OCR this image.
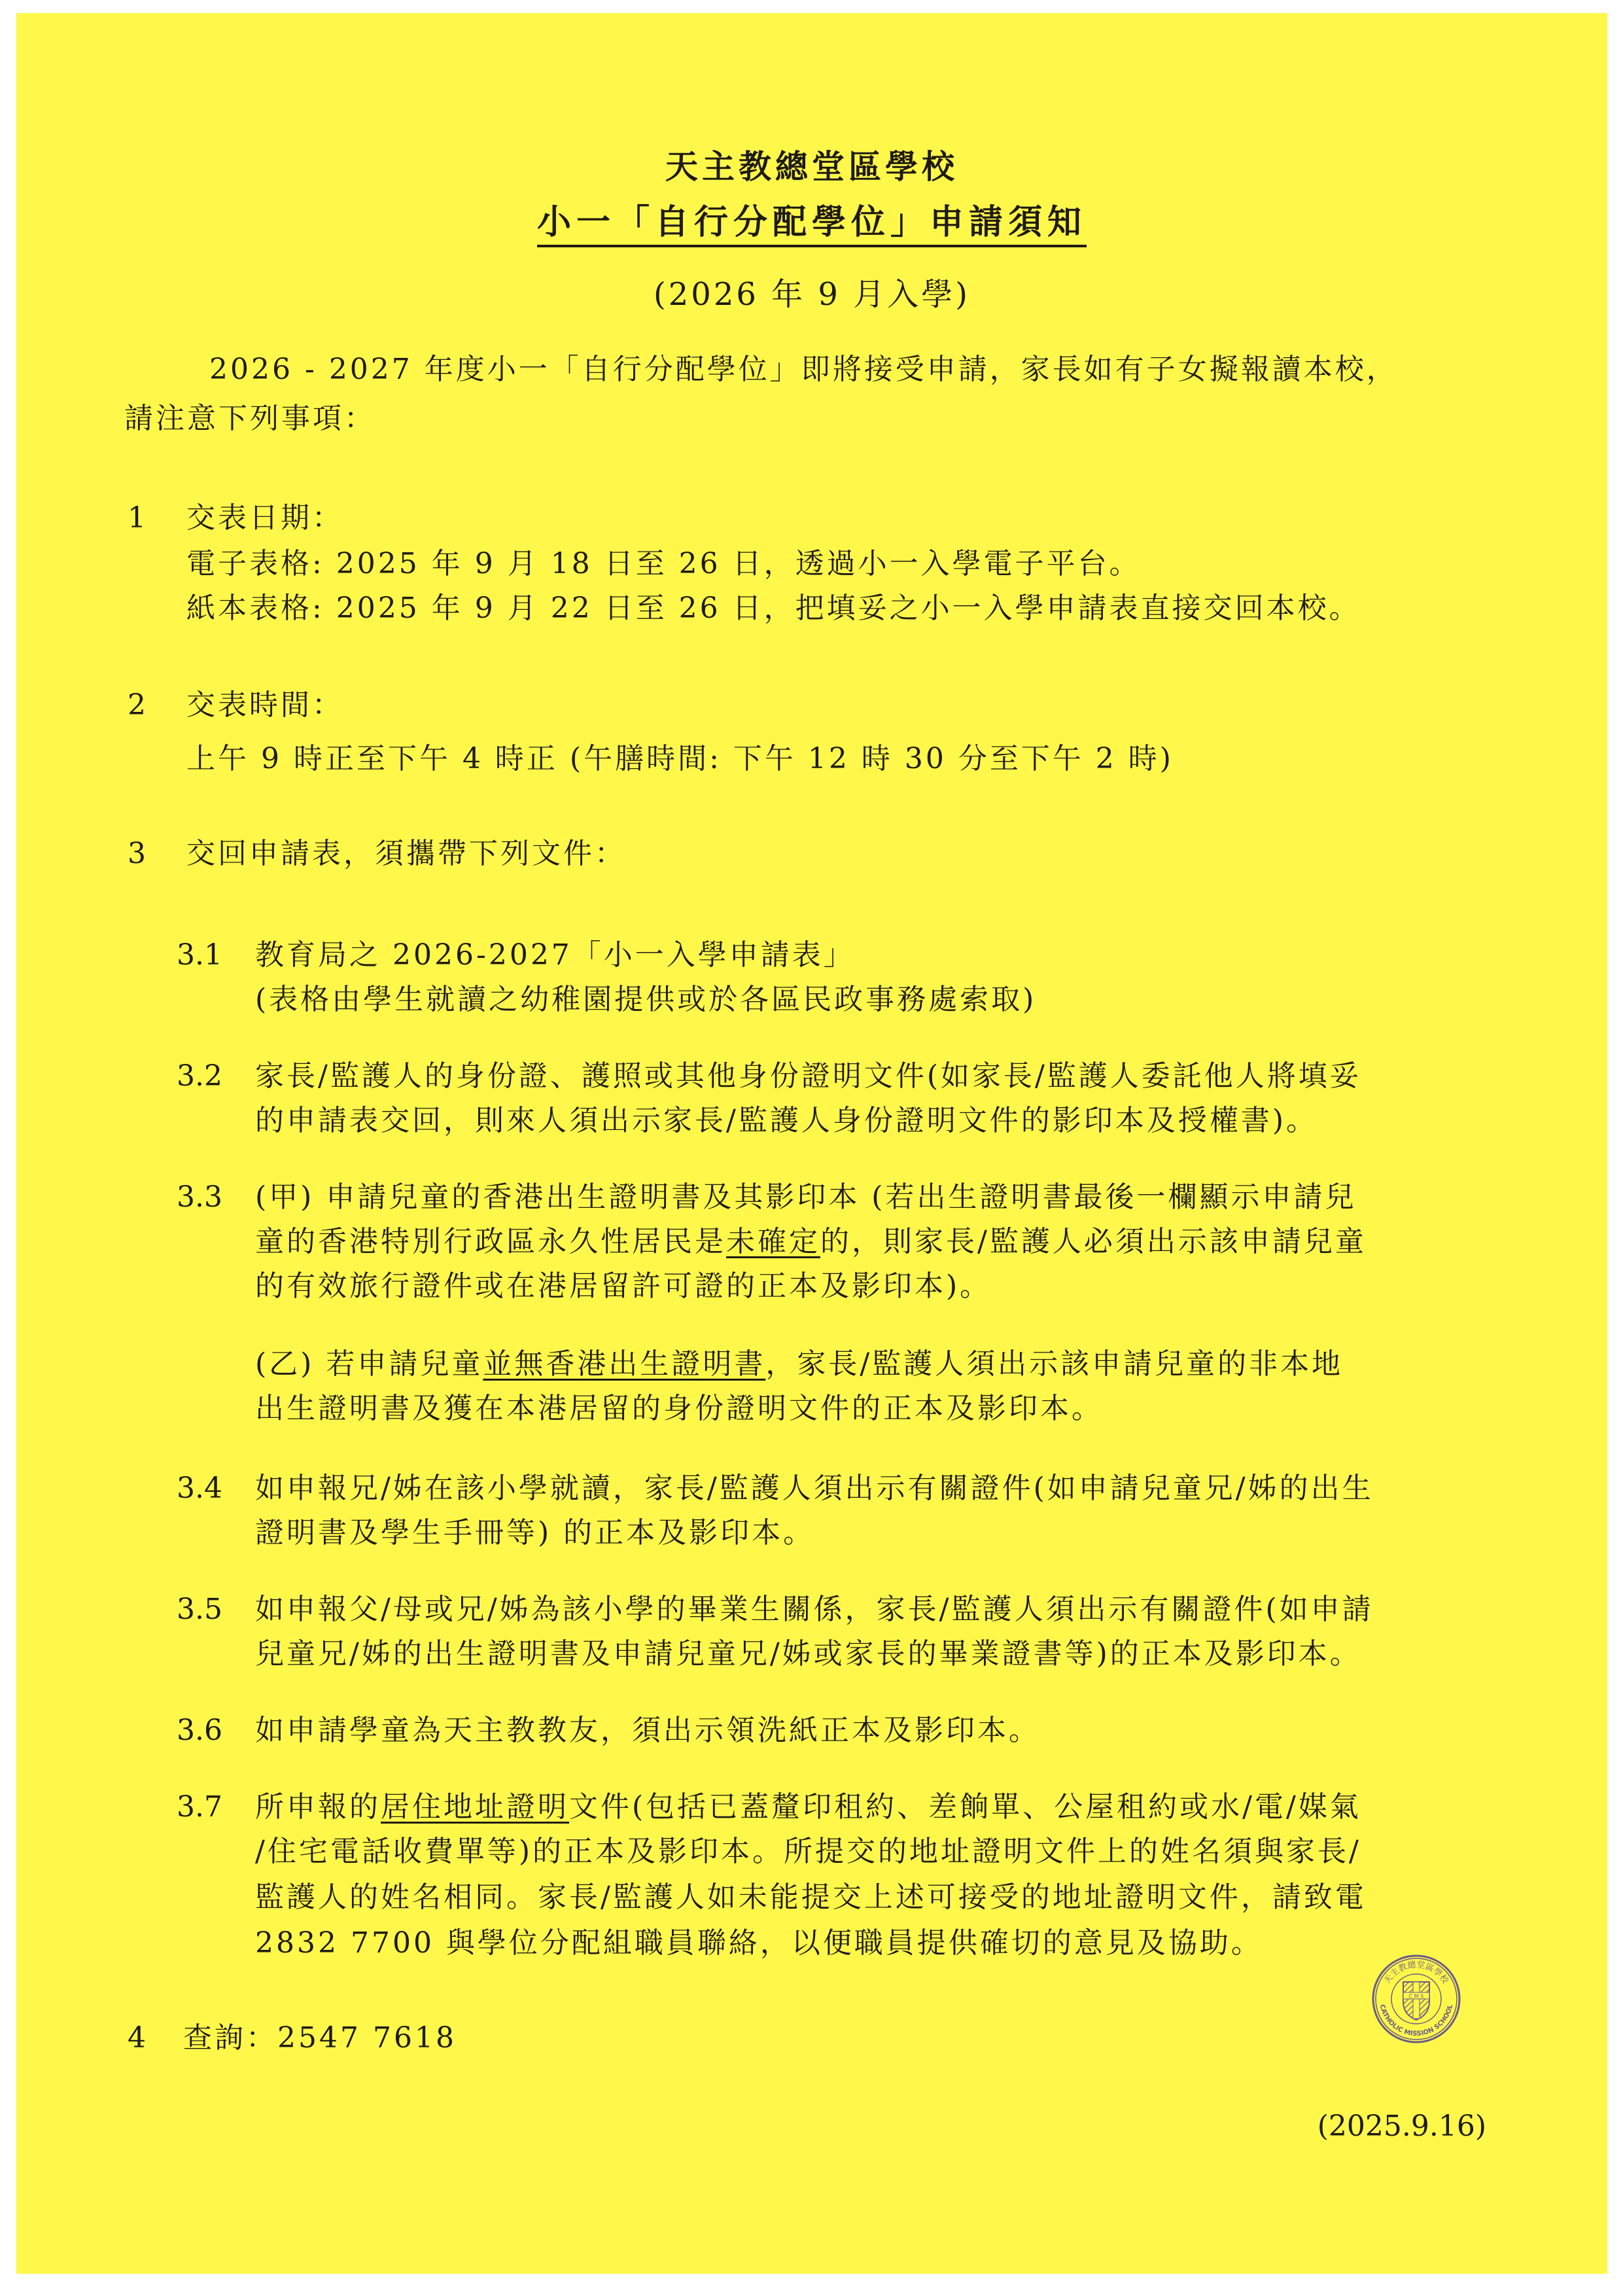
天主教總堂區學校
小一「自行分配學位」申請須知
(2026 年 9 月入學)
2026 - 2027 年度小一「自行分配學位」即將接受申請，家長如有子女擬報讀本校，
請注意下列事項：
1 交表日期：
電子表格: 2025 年 9 月 18 日至 26 日，透過小一入學電子平台。
紙本表格: 2025 年 9 月 22 日至 26 日，把填妥之小一入學申請表直接交回本校。
2 交表時間：
上午 9 時正至下午 4 時正 (午膳時間: 下午 12 時 30 分至下午 2 時)
3 交回申請表，須攜帶下列文件：
3.1 教育局之 2026-2027「小一入學申請表」
(表格由學生就讀之幼稚園提供或於各區民政事務處索取)
3.2 家長/監護人的身份證、護照或其他身份證明文件(如家長/監護人委託他人將填妥
的申請表交回，則來人須出示家長/監護人身份證明文件的影印本及授權書)。
3.3 (甲) 申請兒童的香港出生證明書及其影印本 (若出生證明書最後一欄顯示申請兒
童的香港特別行政區永久性居民是未確定的，則家長/監護人必須出示該申請兒童
的有效旅行證件或在港居留許可證的正本及影印本)。
(乙) 若申請兒童並無香港出生證明書，家長/監護人須出示該申請兒童的非本地
出生證明書及獲在本港居留的身份證明文件的正本及影印本。
3.4 如申報兄/姊在該小學就讀，家長/監護人須出示有關證件(如申請兒童兄/姊的出生
證明書及學生手冊等) 的正本及影印本。
3.5 如申報父/母或兄/姊為該小學的畢業生關係，家長/監護人須出示有關證件(如申請
兒童兄/姊的出生證明書及申請兒童兄/姊或家長的畢業證書等)的正本及影印本。
3.6 如申請學童為天主教教友，須出示領洗紙正本及影印本。
3.7 所申報的居住地址證明文件(包括已蓋釐印租約、差餉單、公屋租約或水/電/媒氣
/住宅電話收費單等)的正本及影印本。所提交的地址證明文件上的姓名須與家長/
監護人的姓名相同。家長/監護人如未能提交上述可接受的地址證明文件，請致電
2832 7700 與學位分配組職員聯絡，以便職員提供確切的意見及協助。
4 查詢：2547 7618
天主教總堂區學校
CATHOLIC MISSION SCHOOL
C M S
(2025.9.16)
